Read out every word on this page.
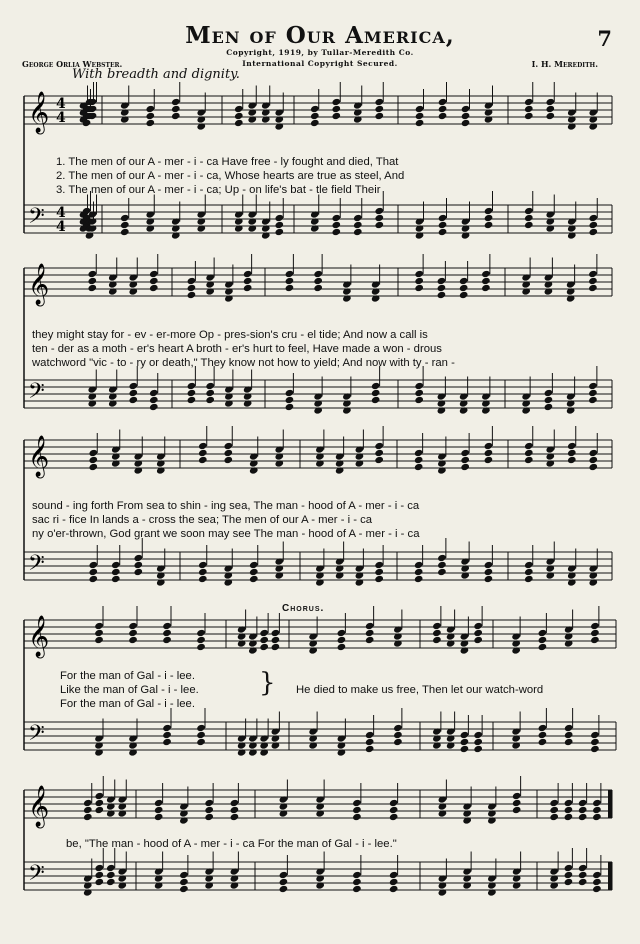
Men of Our America,	7
Copyright, 1919, by Tullar-Meredith Co.
International Copyright Secured.
George Orlia Webster.	I. H. Meredith.
With breadth and dignity.
𝄞
𝄢
4
4
4
4
𝄞
𝄢
𝄞
𝄢
𝄞
𝄢
𝄞
𝄢
1. The men of our A - mer - i - ca Have free - ly fought and died, That
2. The men of our A - mer - i - ca, Whose hearts are true as steel, And
3. The men of our A - mer - i - ca; Up - on life's bat - tle field Their
they might stay for - ev - er-more Op - pres-sion's cru - el tide; And now a call is
ten - der as a moth - er's heart A broth - er's hurt to feel, Have made a won - drous
watchword "vic - to - ry or death," They know not how to yield; And now with ty - ran -
sound - ing forth From sea to shin - ing sea, The man - hood of A - mer - i - ca
sac ri - fice In lands a - cross the sea; The men of our A - mer - i - ca
ny o'er-thrown, God grant we soon may see The man - hood of A - mer - i - ca
Chorus.
For the man of Gal - i - lee.
Like the man of Gal - i - lee.
For the man of Gal - i - lee.
} He died to make us free, Then let our watch-word
be, "The man - hood of A - mer - i - ca For the man of Gal - i - lee."
